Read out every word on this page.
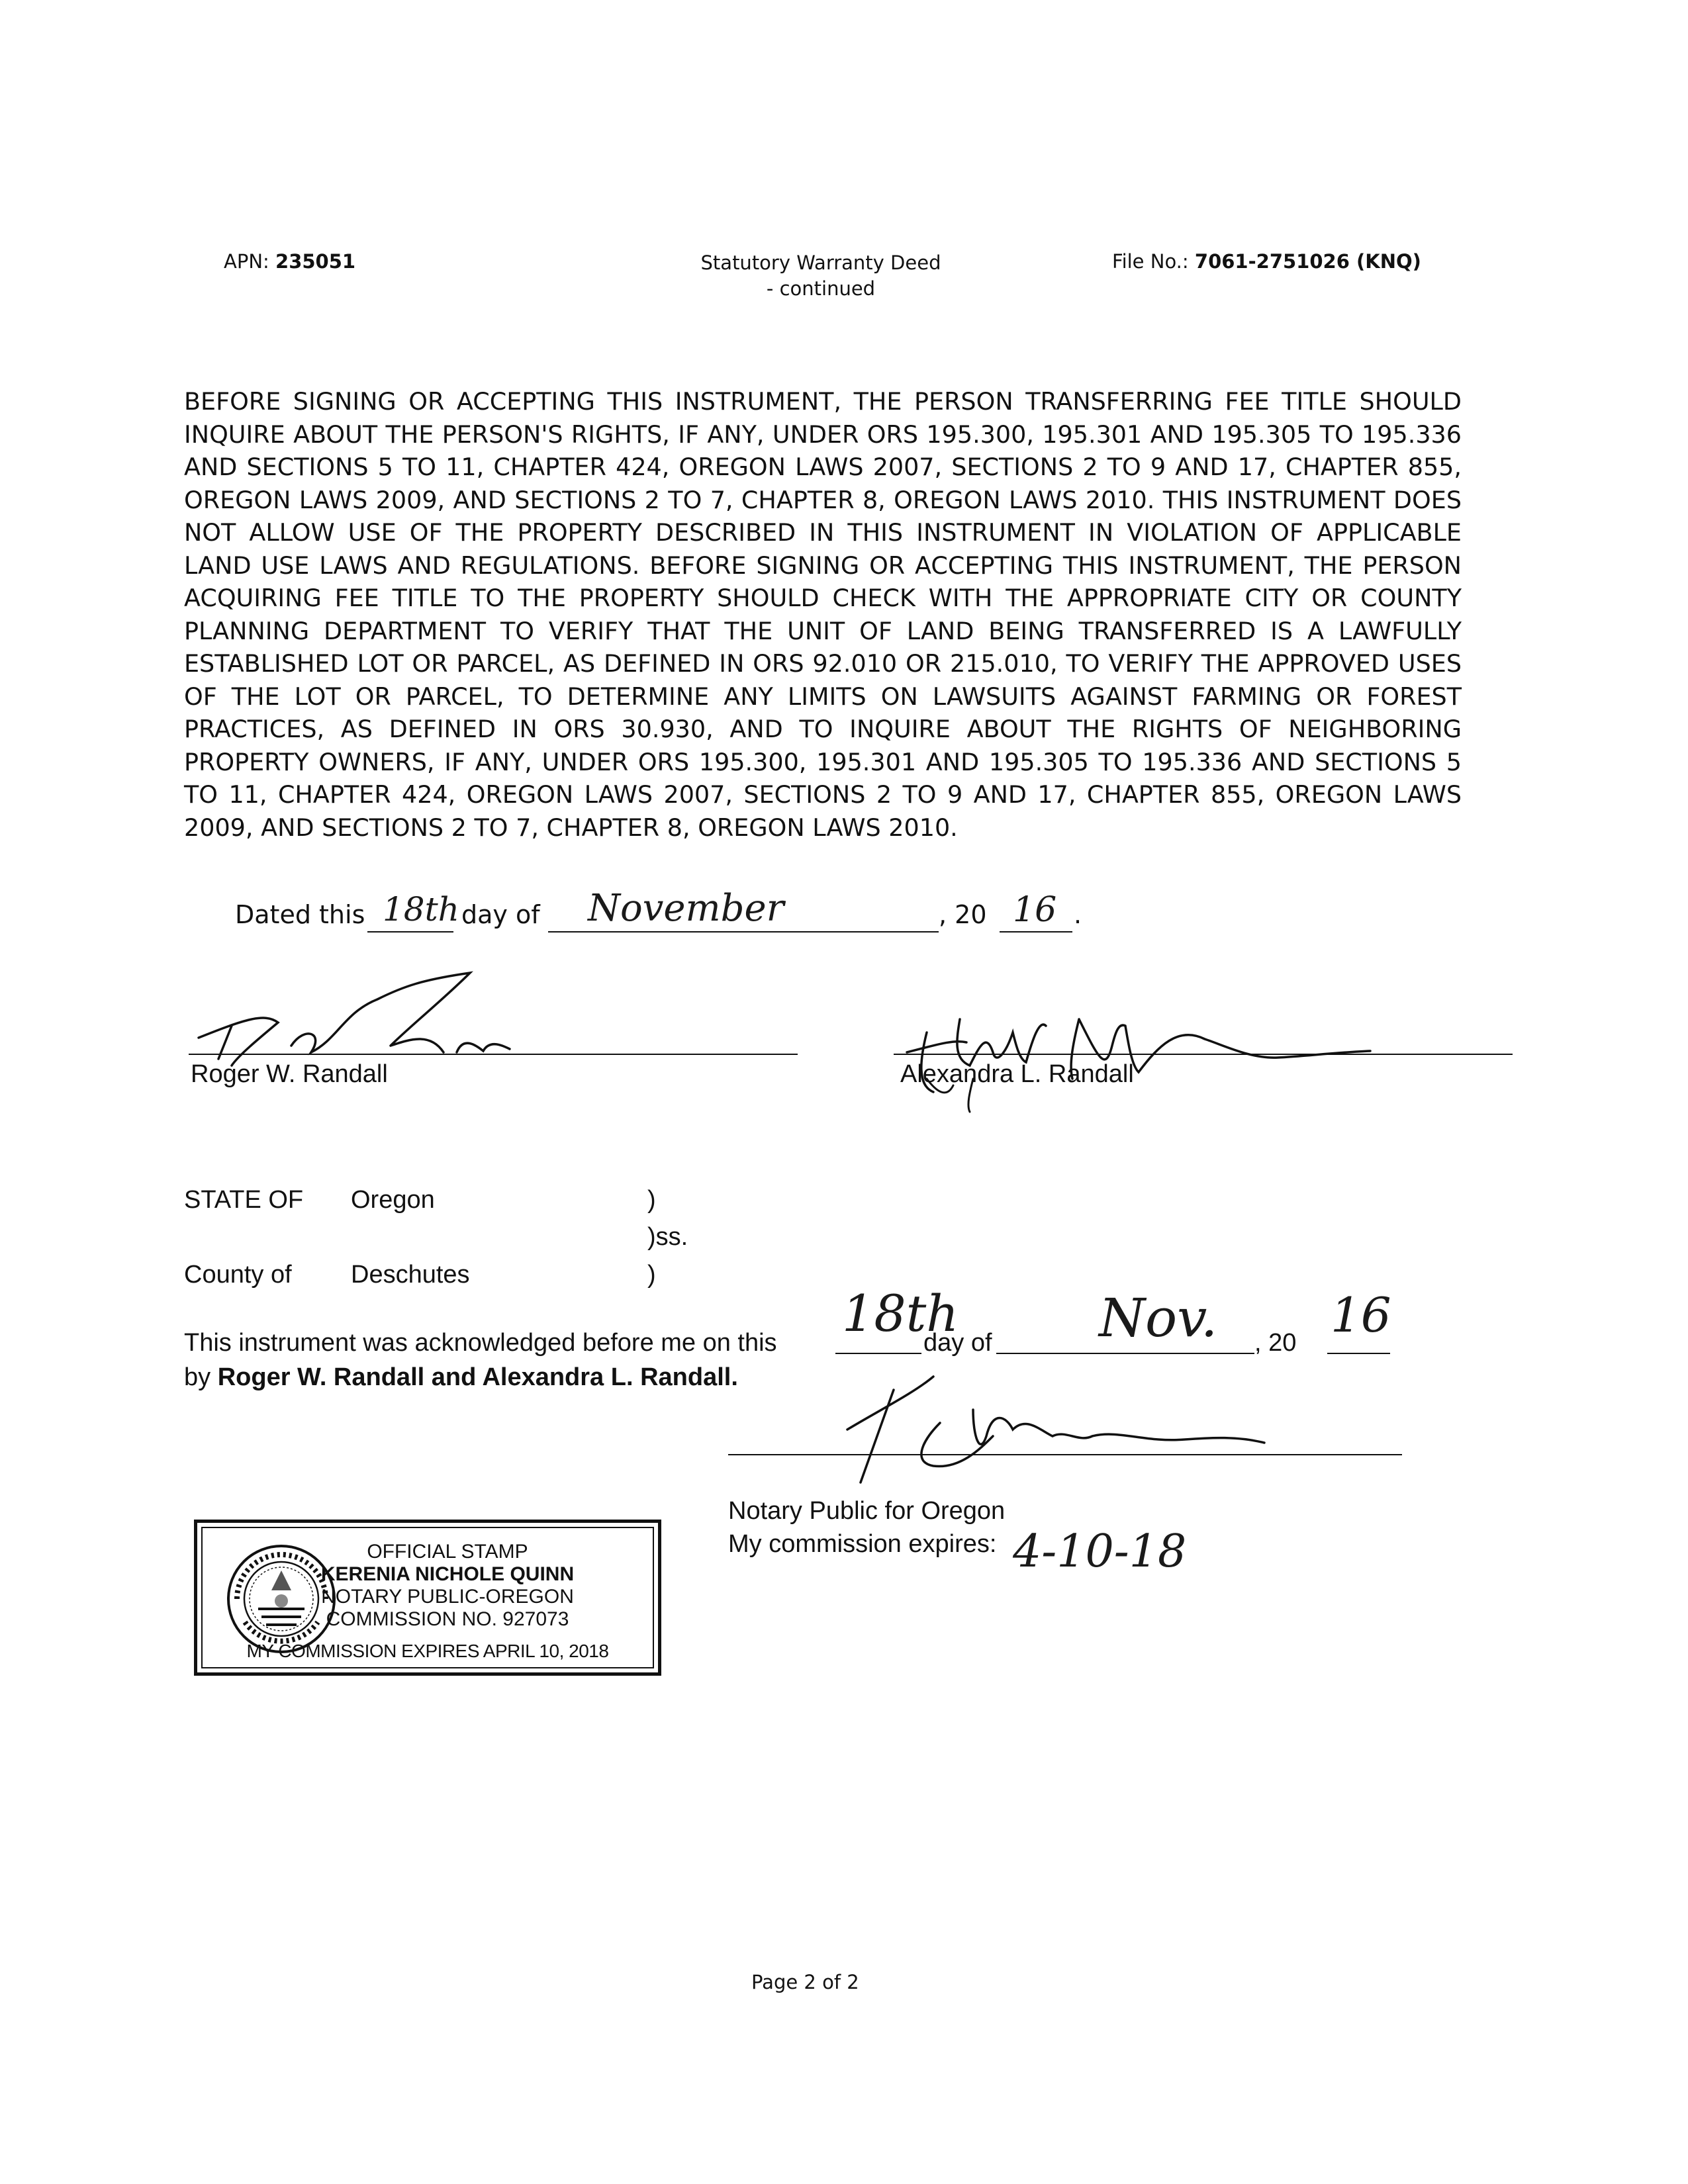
APN: 235051	Statutory Warranty Deed
- continued
File No.: 7061-2751026 (KNQ)
BEFORE SIGNING OR ACCEPTING THIS INSTRUMENT, THE PERSON TRANSFERRING FEE TITLE SHOULD INQUIRE ABOUT THE PERSON'S RIGHTS, IF ANY, UNDER ORS 195.300, 195.301 AND 195.305 TO 195.336 AND SECTIONS 5 TO 11, CHAPTER 424, OREGON LAWS 2007, SECTIONS 2 TO 9 AND 17, CHAPTER 855, OREGON LAWS 2009, AND SECTIONS 2 TO 7, CHAPTER 8, OREGON LAWS 2010. THIS INSTRUMENT DOES NOT ALLOW USE OF THE PROPERTY DESCRIBED IN THIS INSTRUMENT IN VIOLATION OF APPLICABLE LAND USE LAWS AND REGULATIONS. BEFORE SIGNING OR ACCEPTING THIS INSTRUMENT, THE PERSON ACQUIRING FEE TITLE TO THE PROPERTY SHOULD CHECK WITH THE APPROPRIATE CITY OR COUNTY PLANNING DEPARTMENT TO VERIFY THAT THE UNIT OF LAND BEING TRANSFERRED IS A LAWFULLY ESTABLISHED LOT OR PARCEL, AS DEFINED IN ORS 92.010 OR 215.010, TO VERIFY THE APPROVED USES OF THE LOT OR PARCEL, TO DETERMINE ANY LIMITS ON LAWSUITS AGAINST FARMING OR FOREST PRACTICES, AS DEFINED IN ORS 30.930, AND TO INQUIRE ABOUT THE RIGHTS OF NEIGHBORING PROPERTY OWNERS, IF ANY, UNDER ORS 195.300, 195.301 AND 195.305 TO 195.336 AND SECTIONS 5 TO 11, CHAPTER 424, OREGON LAWS 2007, SECTIONS 2 TO 9 AND 17, CHAPTER 855, OREGON LAWS 2009, AND SECTIONS 2 TO 7, CHAPTER 8, OREGON LAWS 2010.
Dated this 18th day of November	, 20 16 .
Roger W. Randall	Alexandra L. Randall
STATE OF Oregon	)
)ss.
County of Deschutes	)
This instrument was acknowledged before me on this 18th
day of Nov. , 20 16
by Roger W. Randall and Alexandra L. Randall.
Notary Public for Oregon
My commission expires: 4-10-18
OFFICIAL STAMP
KERENIA NICHOLE QUINN
NOTARY PUBLIC-OREGON
COMMISSION NO. 927073
MY COMMISSION EXPIRES APRIL 10, 2018
Page 2 of 2
